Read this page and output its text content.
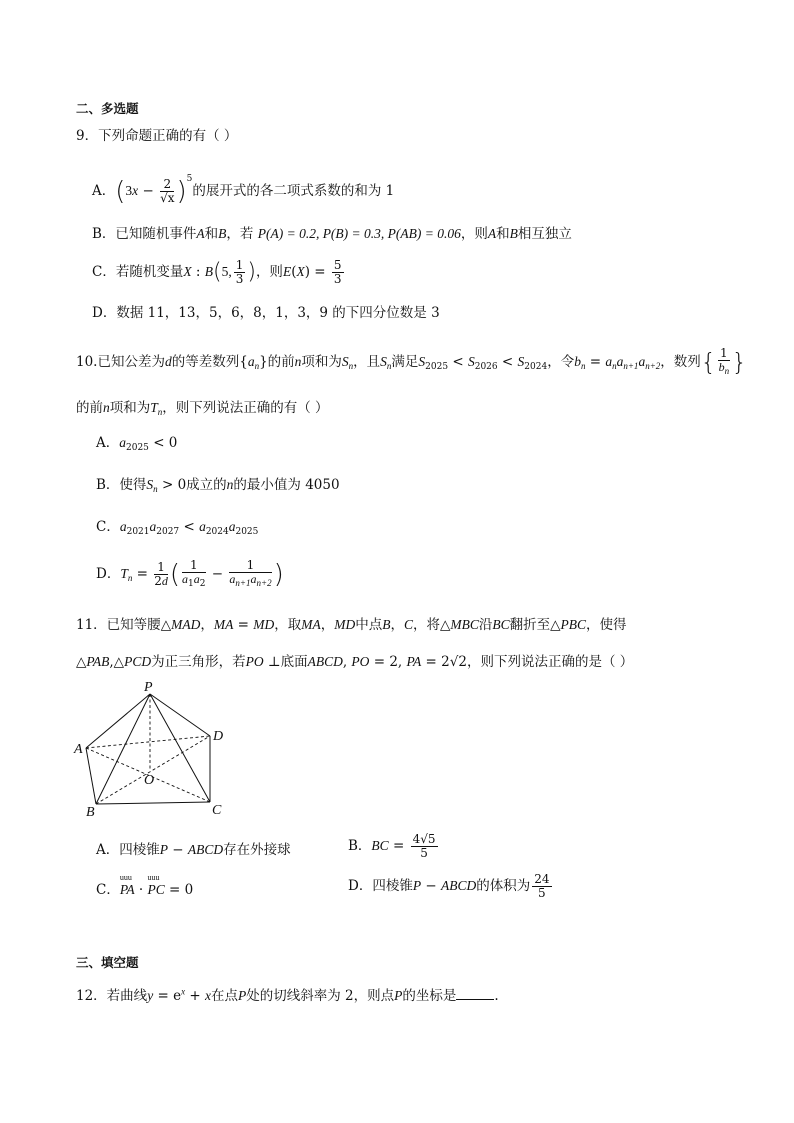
二、多选题
9．下列命题正确的有（ ）
A．$(3x - \frac{2}{√x} )^5$的展开式的各二项式系数的和为 1
B．已知随机事件A和B，若 P(A) = 0.2, P(B) = 0.3, P(AB) = 0.06，则A和B相互独立
C．若随机变量X : B(5, $\frac{1}{3}$ )，则$E(X) = \frac{5}{3}$
D．数据 11，13，5，6，8，1，3，9 的下四分位数是 3
10.已知公差为d的等差数列$\{a_n\}$的前n项和为$S_n$，且$S_n$满足$S_{2025} < S_{2026} < S_{2024}$，令$b_n = a_na_{n+1}a_{n+2}$，数列{ $\frac{1}{b_n}$ }
的前n项和为$T_n$，则下列说法正确的有（ ）
A．$a_{2025} < 0$
B．使得$S_n > 0$成立的n的最小值为 4050
C．$a_{2021}a_{2027} < a_{2024}a_{2025}$
D．$T_n = \frac{1}{2d}$ ( $\frac{1}{a_1a_2} - \frac{1}{a_{n+1}a_{n+2}}$ )
11．已知等腰△MAD，MA = MD，取MA，MD中点B，C，将△MBC沿BC翻折至△PBC，使得
△PAB,△PCD为正三角形，若PO ⊥底面ABCD, PO = 2, PA = 2√2，则下列说法正确的是（ ）
P
A
D
O
B	C
A．四棱锥P − ABCD存在外接球	B．BC = $\frac{4√5}{5}$
C．PA
uuu
· PC
uuu
= 0	D．四棱锥P − ABCD的体积为 $\frac{24}{5}$
三、填空题
12．若曲线$y = e^x + x$在点P处的切线斜率为 2，则点P的坐标是	.
